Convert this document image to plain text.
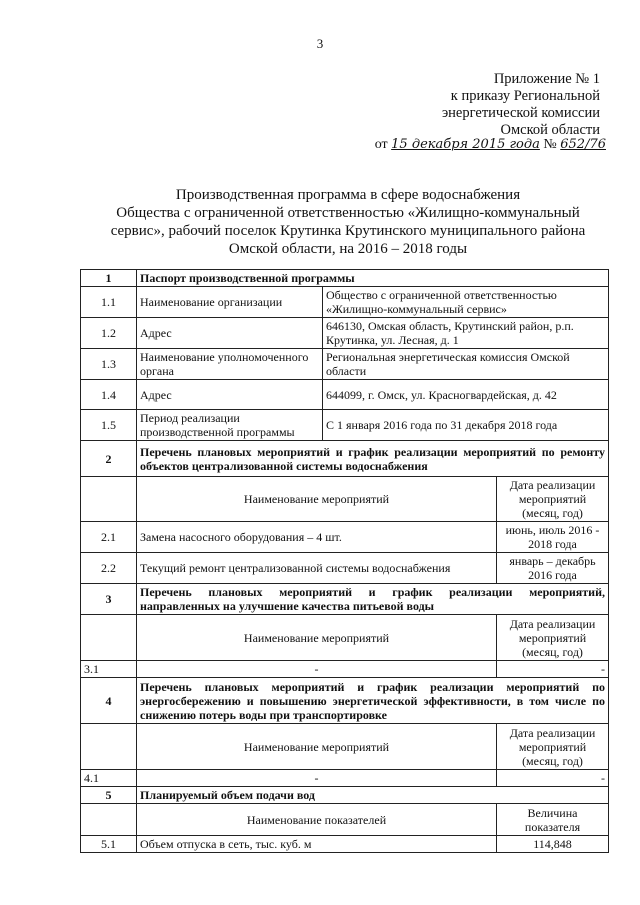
3
Приложение № 1
к приказу Региональной
энергетической комиссии
Омской области
от 15 декабря 2015 года № 652/76
Производственная программа в сфере водоснабжения
Общества с ограниченной ответственностью «Жилищно-коммунальный
сервис», рабочий поселок Крутинка Крутинского муниципального района
Омской области, на 2016 – 2018 годы
1	Паспорт производственной программы		
1.1	Наименование организации	Общество с ограниченной ответственностью «Жилищно-коммунальный сервис»	
1.2	Адрес	646130, Омская область, Крутинский район, р.п. Крутинка, ул. Лесная, д. 1	
1.3	Наименование уполномоченного органа	Региональная энергетическая комиссия Омской области	
1.4	Адрес	644099, г. Омск, ул. Красногвардейская, д. 42	
1.5	Период реализации производственной программы	С 1 января 2016 года по 31 декабря 2018 года	
2	Перечень плановых мероприятий и график реализации мероприятий по ремонту объектов централизованной системы водоснабжения		
	Наименование мероприятий		Дата реализации мероприятий (месяц, год)
2.1	Замена насосного оборудования – 4 шт.		июнь, июль 2016 - 2018 года
2.2	Текущий ремонт централизованной системы водоснабжения		январь – декабрь 2016 года
3	Перечень плановых мероприятий и график реализации мероприятий, направленных на улучшение качества питьевой воды		
	Наименование мероприятий		Дата реализации мероприятий (месяц, год)
3.1	-		-
4	Перечень плановых мероприятий и график реализации мероприятий по энергосбережению и повышению энергетической эффективности, в том числе по снижению потерь воды при транспортировке		
	Наименование мероприятий		Дата реализации мероприятий (месяц, год)
4.1	-		-
5	Планируемый объем подачи вод		
	Наименование показателей		Величина показателя
5.1	Объем отпуска в сеть, тыс. куб. м		114,848
